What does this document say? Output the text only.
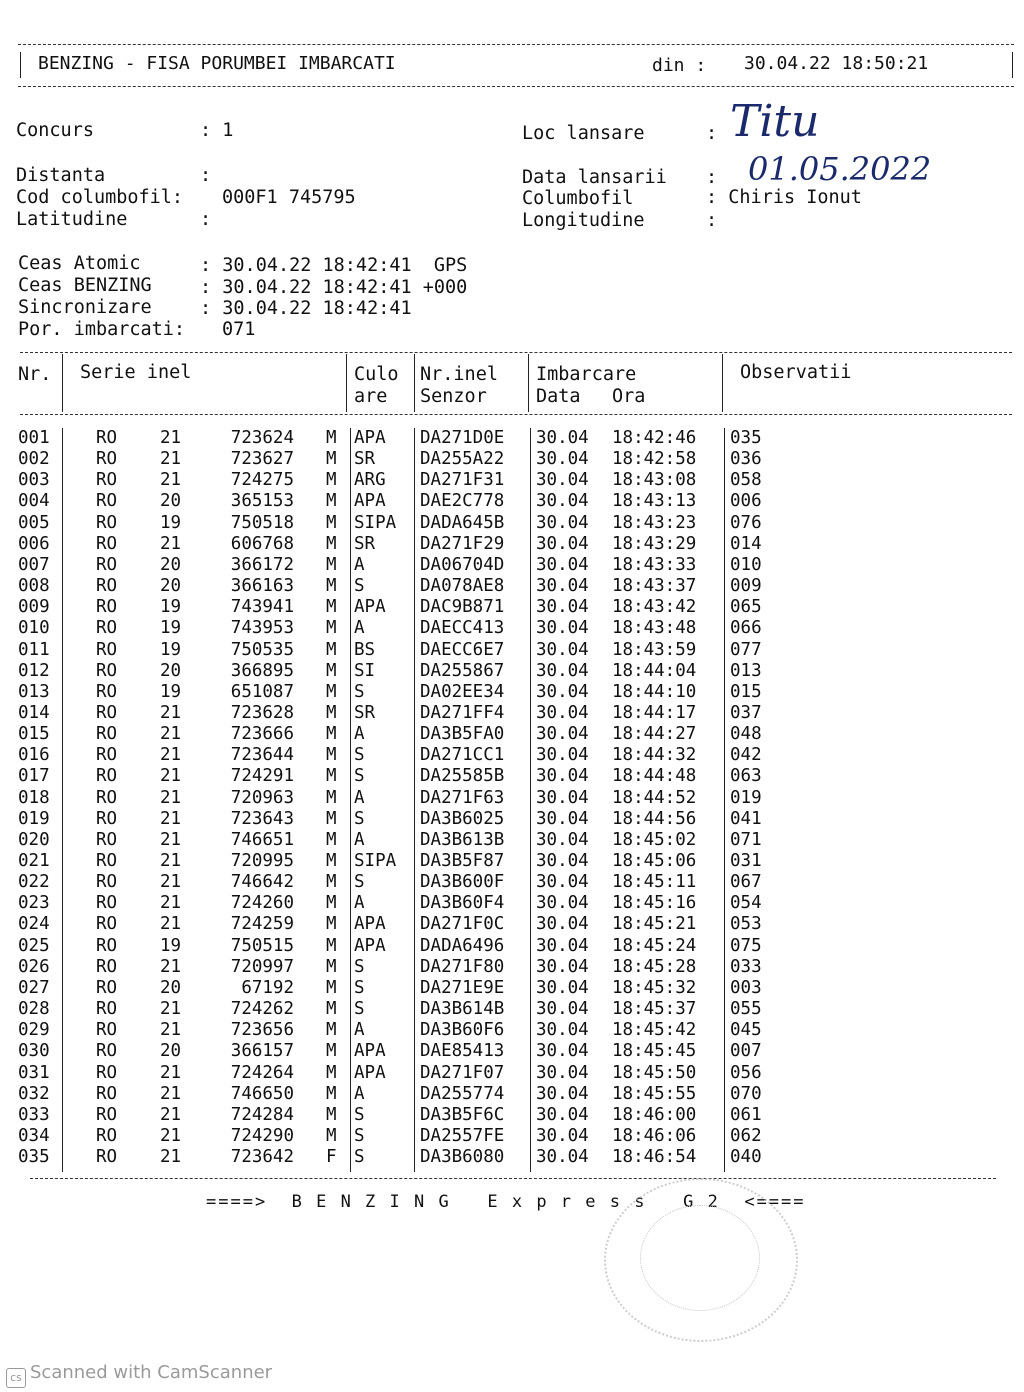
BENZING - FISA PORUMBEI IMBARCATI	din : 30.04.22 18:50:21
Concurs	: 1	Loc lansare	: Titu
Distanta	:
Cod columbofil: 000F1 745795
Latitudine	:
Data lansarii : 01.05.2022
Columbofil	: Chiris Ionut
Longitudine	:
Ceas Atomic	: 30.04.22 18:42:41  GPS
Ceas BENZING	: 30.04.22 18:42:41 +000
Sincronizare	: 30.04.22 18:42:41
Por. imbarcati: 071
Nr. Serie inel	Culo
are
Nr.inel
Senzor
Imbarcare
Data Ora
Observatii
001	RO 21	723624 M APA DA271D0E 30.04 18:42:46 035
002	RO 21	723627 M SR	DA255A22 30.04 18:42:58 036
003	RO 21	724275 M ARG DA271F31 30.04 18:43:08 058
004	RO 20	365153 M APA DAE2C778 30.04 18:43:13 006
005	RO 19	750518 M SIPA DADA645B 30.04 18:43:23 076
006	RO 21	606768 M SR	DA271F29 30.04 18:43:29 014
007	RO 20	366172 M A	DA06704D 30.04 18:43:33 010
008	RO 20	366163 M S	DA078AE8 30.04 18:43:37 009
009	RO 19	743941 M APA DAC9B871 30.04 18:43:42 065
010	RO 19	743953 M A	DAECC413 30.04 18:43:48 066
011	RO 19	750535 M BS	DAECC6E7 30.04 18:43:59 077
012	RO 20	366895 M SI	DA255867 30.04 18:44:04 013
013	RO 19	651087 M S	DA02EE34 30.04 18:44:10 015
014	RO 21	723628 M SR	DA271FF4 30.04 18:44:17 037
015	RO 21	723666 M A	DA3B5FA0 30.04 18:44:27 048
016	RO 21	723644 M S	DA271CC1 30.04 18:44:32 042
017	RO 21	724291 M S	DA25585B 30.04 18:44:48 063
018	RO 21	720963 M A	DA271F63 30.04 18:44:52 019
019	RO 21	723643 M S	DA3B6025 30.04 18:44:56 041
020	RO 21	746651 M A	DA3B613B 30.04 18:45:02 071
021	RO 21	720995 M SIPA DA3B5F87 30.04 18:45:06 031
022	RO 21	746642 M S	DA3B600F 30.04 18:45:11 067
023	RO 21	724260 M A	DA3B60F4 30.04 18:45:16 054
024	RO 21	724259 M APA DA271F0C 30.04 18:45:21 053
025	RO 19	750515 M APA DADA6496 30.04 18:45:24 075
026	RO 21	720997 M S	DA271F80 30.04 18:45:28 033
027	RO 20	67192 M S	DA271E9E 30.04 18:45:32 003
028	RO 21	724262 M S	DA3B614B 30.04 18:45:37 055
029	RO 21	723656 M A	DA3B60F6 30.04 18:45:42 045
030	RO 20	366157 M APA DAE85413 30.04 18:45:45 007
031	RO 21	724264 M APA DA271F07 30.04 18:45:50 056
032	RO 21	746650 M A	DA255774 30.04 18:45:55 070
033	RO 21	724284 M S	DA3B5F6C 30.04 18:46:00 061
034	RO 21	724290 M S	DA2557FE 30.04 18:46:06 062
035	RO 21	723642 F S	DA3B6080 30.04 18:46:54 040
====>  B E N Z I N G   E x p r e s s   G 2  <====
cs Scanned with CamScanner
